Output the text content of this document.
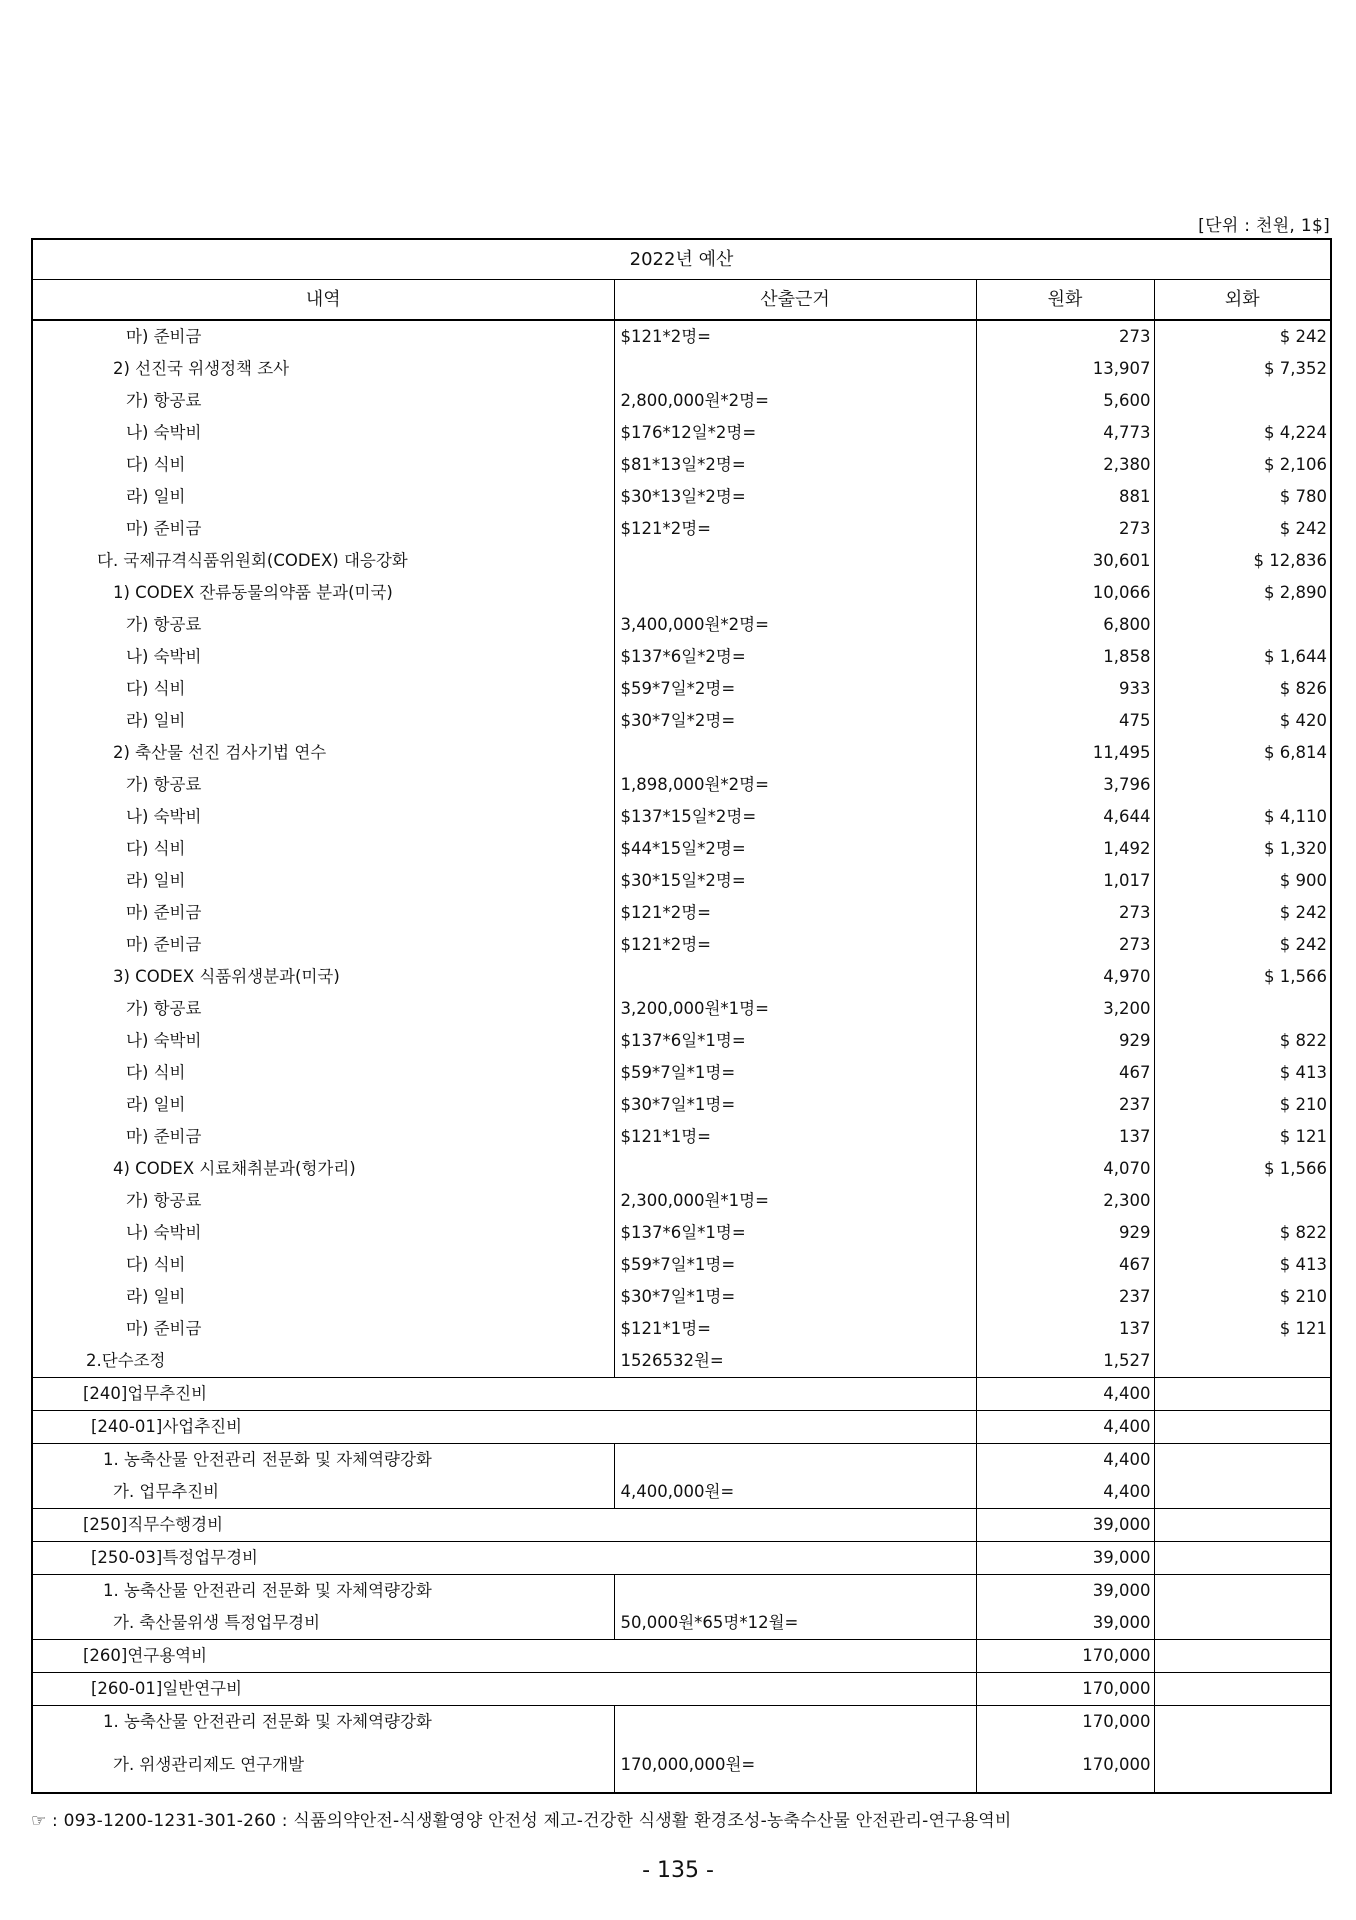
[단위 : 천원, 1$]
2022년 예산			
내역	산출근거	원화	외화
마) 준비금	$121*2명=	273	$ 242
2) 선진국 위생정책 조사		13,907	$ 7,352
가) 항공료	2,800,000원*2명=	5,600	
나) 숙박비	$176*12일*2명=	4,773	$ 4,224
다) 식비	$81*13일*2명=	2,380	$ 2,106
라) 일비	$30*13일*2명=	881	$ 780
마) 준비금	$121*2명=	273	$ 242
다. 국제규격식품위원회(CODEX) 대응강화		30,601	$ 12,836
1) CODEX 잔류동물의약품 분과(미국)		10,066	$ 2,890
가) 항공료	3,400,000원*2명=	6,800	
나) 숙박비	$137*6일*2명=	1,858	$ 1,644
다) 식비	$59*7일*2명=	933	$ 826
라) 일비	$30*7일*2명=	475	$ 420
2) 축산물 선진 검사기법 연수		11,495	$ 6,814
가) 항공료	1,898,000원*2명=	3,796	
나) 숙박비	$137*15일*2명=	4,644	$ 4,110
다) 식비	$44*15일*2명=	1,492	$ 1,320
라) 일비	$30*15일*2명=	1,017	$ 900
마) 준비금	$121*2명=	273	$ 242
마) 준비금	$121*2명=	273	$ 242
3) CODEX 식품위생분과(미국)		4,970	$ 1,566
가) 항공료	3,200,000원*1명=	3,200	
나) 숙박비	$137*6일*1명=	929	$ 822
다) 식비	$59*7일*1명=	467	$ 413
라) 일비	$30*7일*1명=	237	$ 210
마) 준비금	$121*1명=	137	$ 121
4) CODEX 시료채취분과(헝가리)		4,070	$ 1,566
가) 항공료	2,300,000원*1명=	2,300	
나) 숙박비	$137*6일*1명=	929	$ 822
다) 식비	$59*7일*1명=	467	$ 413
라) 일비	$30*7일*1명=	237	$ 210
마) 준비금	$121*1명=	137	$ 121
2.단수조정	1526532원=	1,527	
[240]업무추진비		4,400	
[240-01]사업추진비		4,400	
1. 농축산물 안전관리 전문화 및 자체역량강화		4,400	
가. 업무추진비	4,400,000원=	4,400	
[250]직무수행경비		39,000	
[250-03]특정업무경비		39,000	
1. 농축산물 안전관리 전문화 및 자체역량강화		39,000	
가. 축산물위생 특정업무경비	50,000원*65명*12월=	39,000	
[260]연구용역비		170,000	
[260-01]일반연구비		170,000	
1. 농축산물 안전관리 전문화 및 자체역량강화		170,000	
가. 위생관리제도 연구개발	170,000,000원=	170,000	
☞ : 093-1200-1231-301-260 : 식품의약안전-식생활영양 안전성 제고-건강한 식생활 환경조성-농축수산물 안전관리-연구용역비
- 135 -
